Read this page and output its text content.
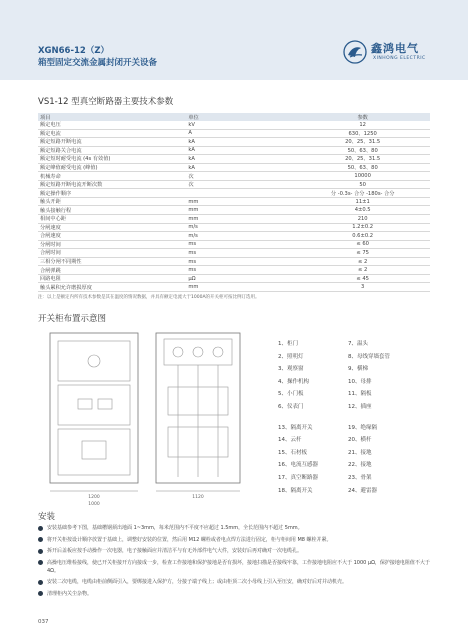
XGN66-12（Z）
箱型固定交流金属封闭开关设备
鑫鸿电气
XINHONG ELECTRIC
VS1-12 型真空断路器主要技术参数
项目	单位	参数
额定电压	kV	12
额定电流	A	630、1250
额定短路开断电流	kA	20、25、31.5
额定短路关合电流	kA	50、63、80
额定短时耐受电流 (4s 有效值)	kA	20、25、31.5
额定峰值耐受电流 (峰值)	kA	50、63、80
机械寿命	次	10000
额定短路开断电流开断次数	次	50
额定操作顺序		分 -0.3s- 合分 -180s- 合分
触头开距	mm	11±1
触头接触行程	mm	4±0.5
相间中心距	mm	210
分闸速度	m/s	1.2±0.2
合闸速度	m/s	0.6±0.2
分闸时间	ms	≤ 60
合闸时间	ms	≤ 75
三相分闸不同期性	ms	≤ 2
合闸弹跳	ms	≤ 2
回路电阻	μΩ	≤ 45
触头累积允许磨损厚度	mm	3
注：以上是额定内所有技术参数是其在温度的情况数据，并具有额定电流大于1000A的开关柜可按比例订选用。
开关柜布置示意图
1200
1000
1120
1、柜门
2、照明灯
3、观察窗
4、操作机构
5、小门板
6、仪表门
13、隔离开关
14、云杆
15、石材板
16、电流互感器
17、真空断路器
18、隔离开关
7、温头
8、母线穿墙套管
9、横梯
10、母排
11、隔板
12、插座
19、绝缘隔
20、横杆
21、接地
22、接地
23、骨架
24、避雷器
安装
安装基础参考下图，基础槽钢须出地面 1~3mm，每米范围内不平度不应超过 1.5mm，全长范围内不超过 5mm。
将开关柜按设计顺序放置于基础上，调整好安装的位置，然后用 M12 螺栓或者电点焊方法进行固定，柜与柜间用 M8 螺栓并紧。
拆开后盖板应按手动操作一次电器，电子接触面应并清洁平与有无外部件电气大件，安装好后再对确对一次电缆孔。
高操电压维检接线，使已开关柜接开方向接成一步，检查工作接地和保护接地是否有损坏，接地扫描是否接线牢靠，工作接地电阻应不大于 1000 μΩ，保护接地电阻值不大于 4Ω。
安装二次电缆，电缆由柜前侧面引入，要绑接进入保护方，分接子端子线上；或由柜顶二次小母线上引入至压安，确对好后对并动机壳。
清理柜内关尘杂物。
037
